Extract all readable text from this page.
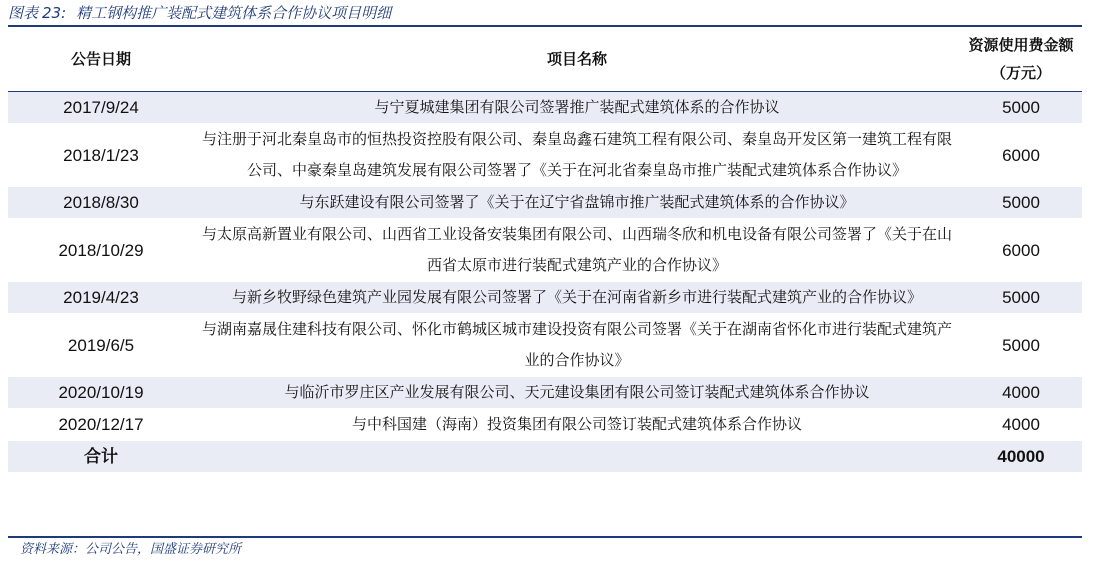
图表 23: 精工钢构推广装配式建筑体系合作协议项目明细
公告日期	项目名称	资源使用费金额（万元）
2017/9/24	与宁夏城建集团有限公司签署推广装配式建筑体系的合作协议	5000
2018/1/23	与注册于河北秦皇岛市的恒热投资控股有限公司、秦皇岛鑫石建筑工程有限公司、秦皇岛开发区第一建筑工程有限公司、中豪秦皇岛建筑发展有限公司签署了《关于在河北省秦皇岛市推广装配式建筑体系合作协议》	6000
2018/8/30	与东跃建设有限公司签署了《关于在辽宁省盘锦市推广装配式建筑体系的合作协议》	5000
2018/10/29	与太原高新置业有限公司、山西省工业设备安装集团有限公司、山西瑞冬欣和机电设备有限公司签署了《关于在山西省太原市进行装配式建筑产业的合作协议》	6000
2019/4/23	与新乡牧野绿色建筑产业园发展有限公司签署了《关于在河南省新乡市进行装配式建筑产业的合作协议》	5000
2019/6/5	与湖南嘉晟住建科技有限公司、怀化市鹤城区城市建设投资有限公司签署《关于在湖南省怀化市进行装配式建筑产业的合作协议》	5000
2020/10/19	与临沂市罗庄区产业发展有限公司、天元建设集团有限公司签订装配式建筑体系合作协议	4000
2020/12/17	与中科国建（海南）投资集团有限公司签订装配式建筑体系合作协议	4000
合计		40000
资料来源：公司公告，国盛证券研究所
